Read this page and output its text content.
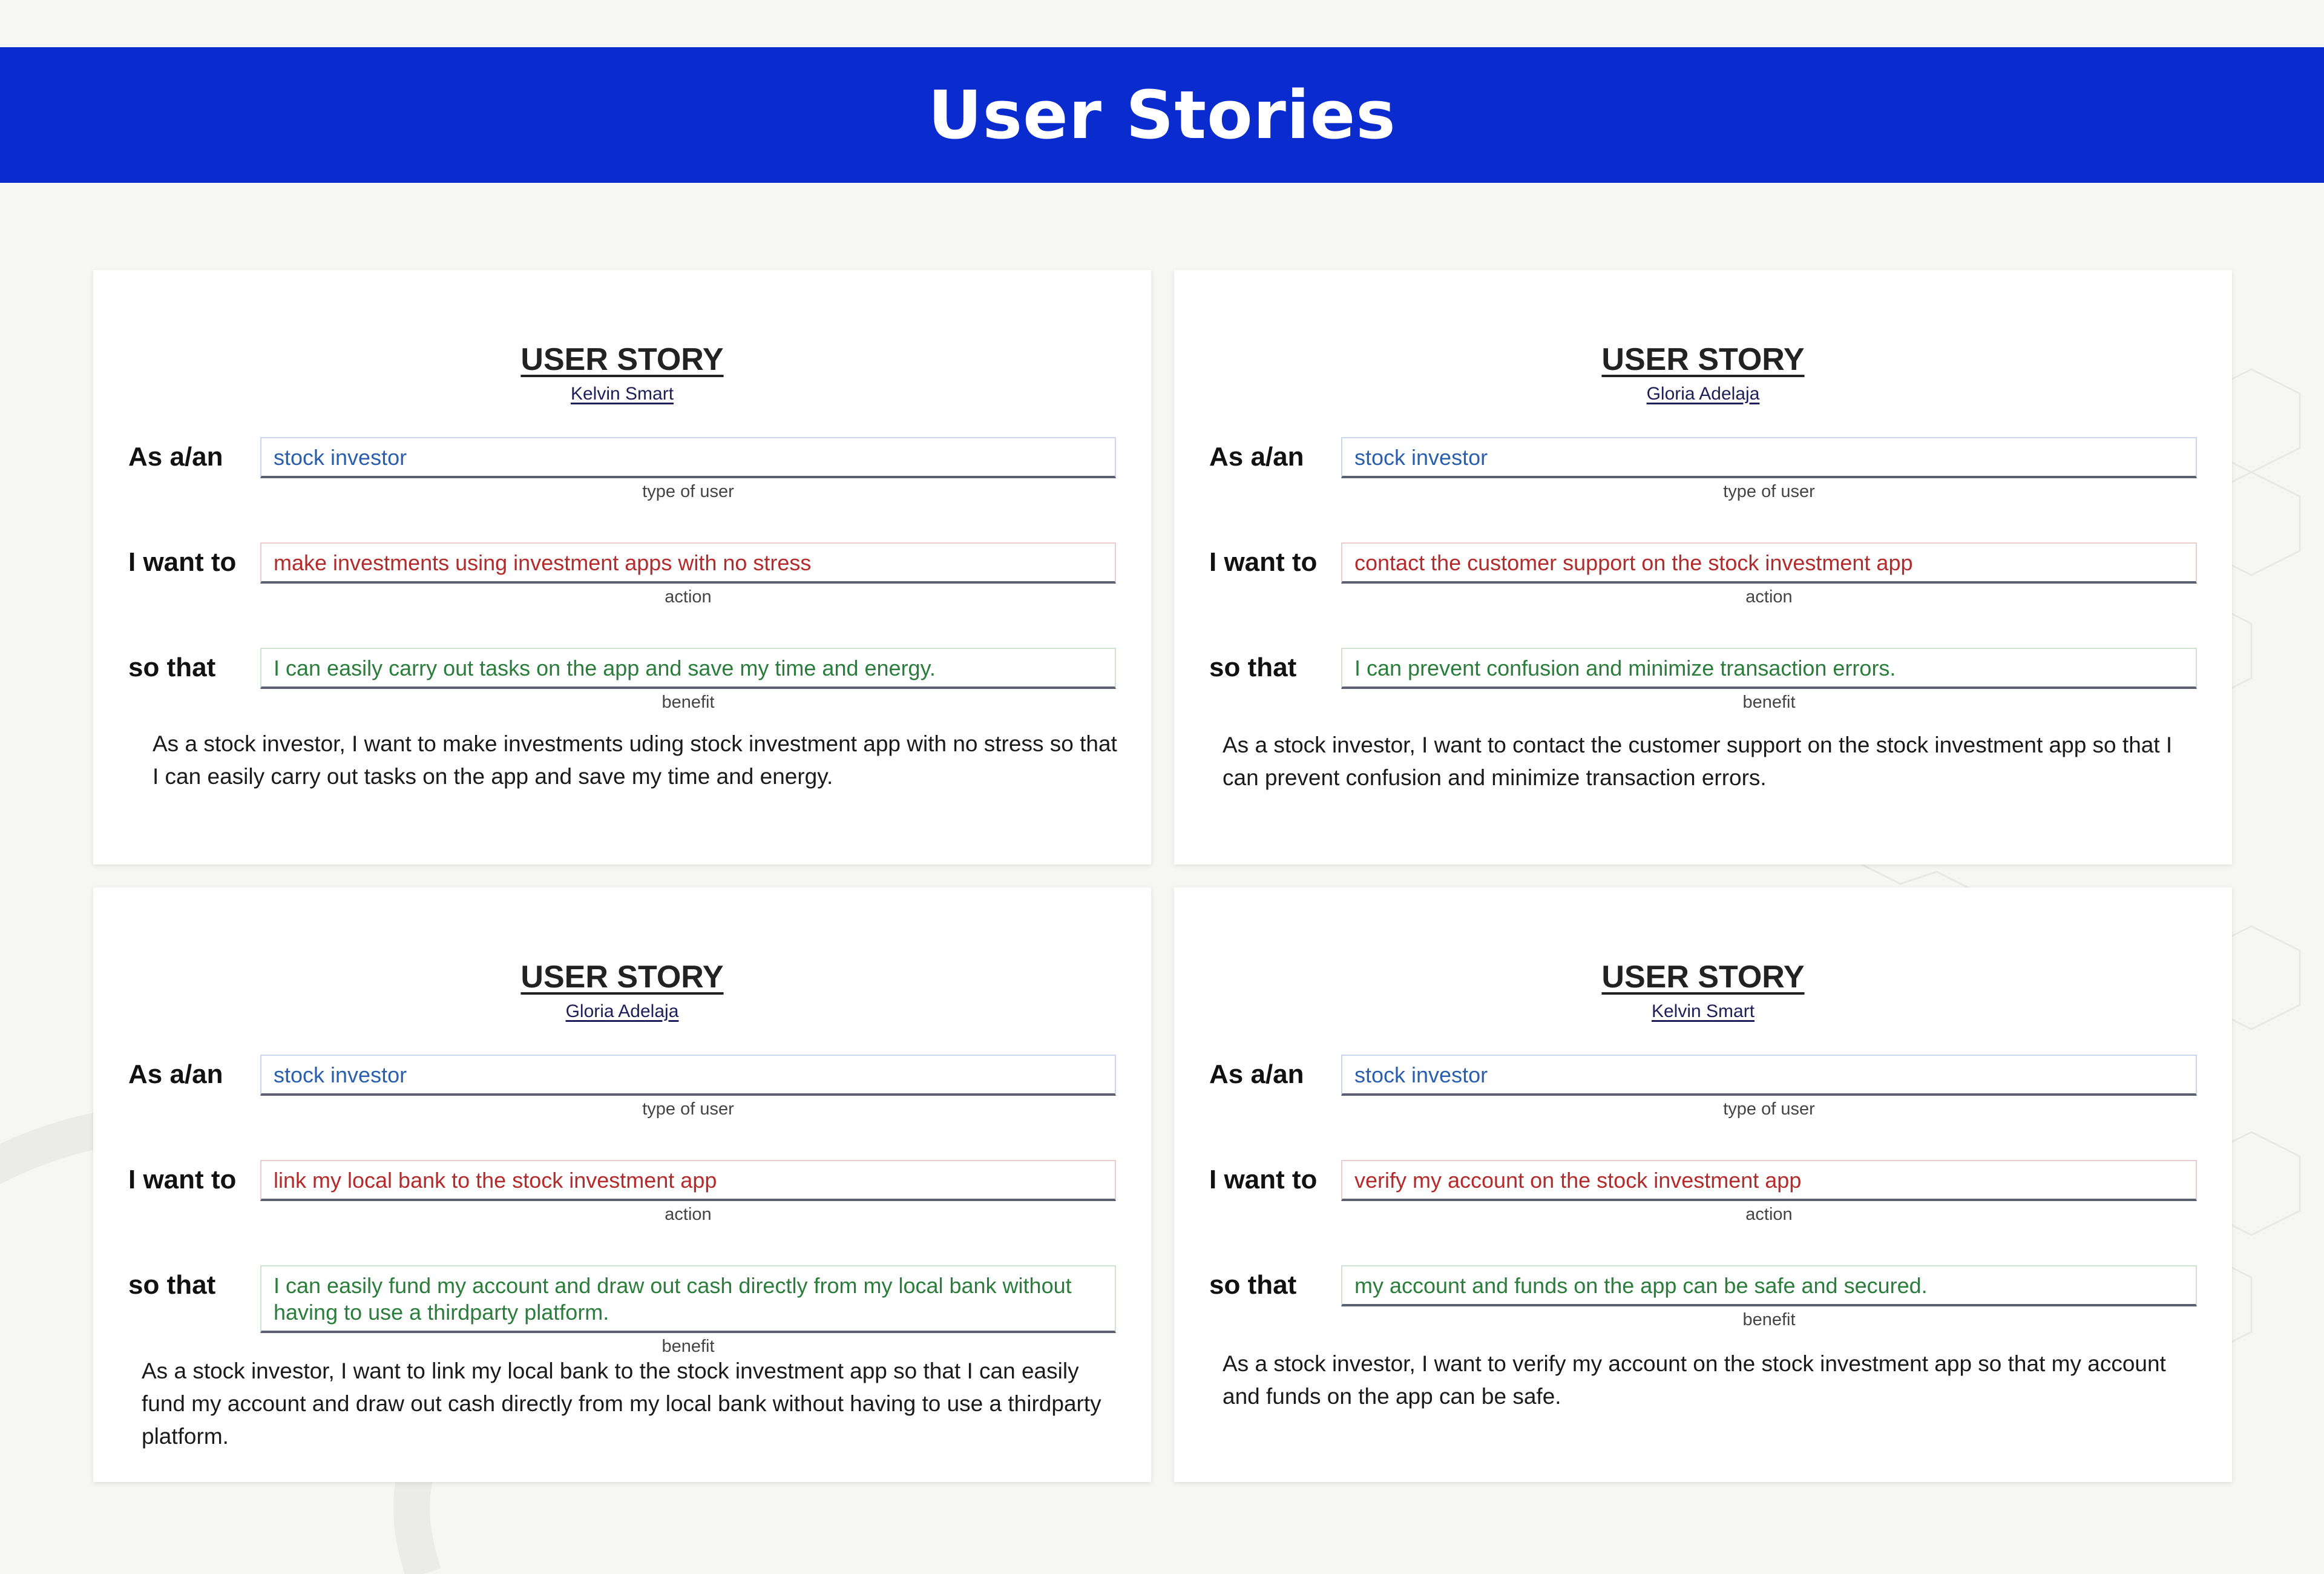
User Stories
USER STORY
Kelvin Smart
As a/an	stock investor
type of user
I want to	make investments using investment apps with no stress
action
so that	I can easily carry out tasks on the app and save my time and energy.
benefit
As a stock investor, I want to make investments uding stock investment app with no stress so that I can easily carry out tasks on the app and save my time and energy.
USER STORY
Gloria Adelaja
As a/an	stock investor
type of user
I want to	contact the customer support on the stock investment app
action
so that	I can prevent confusion and minimize transaction errors.
benefit
As a stock investor, I want to contact the customer support on the stock investment app so that I can prevent confusion and minimize transaction errors.
USER STORY
Gloria Adelaja
As a/an	stock investor
type of user
I want to	link my local bank to the stock investment app
action
so that	I can easily fund my account and draw out cash directly from my local bank without having to use a thirdparty platform.
benefit
As a stock investor, I want to link my local bank to the stock investment app so that I can easily fund my account and draw out cash directly from my local bank without having to use a thirdparty platform.
USER STORY
Kelvin Smart
As a/an	stock investor
type of user
I want to	verify my account on the stock investment app
action
so that	my account and funds on the app can be safe and secured.
benefit
As a stock investor, I want to verify my account on the stock investment app so that my account and funds on the app can be safe.
